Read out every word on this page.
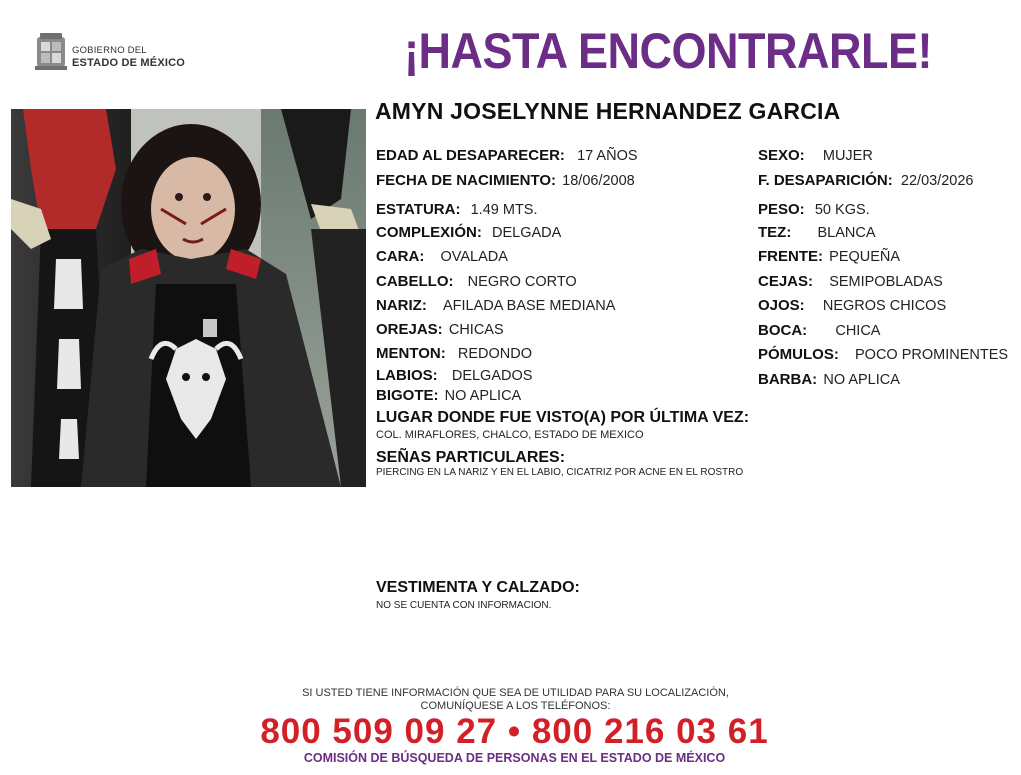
GOBIERNO DEL
ESTADO DE MÉXICO	¡HASTA ENCONTRARLE!
AMYN JOSELYNNE HERNANDEZ GARCIA
EDAD AL DESAPARECER: 17 AÑOS
FECHA DE NACIMIENTO: 18/06/2008
ESTATURA: 1.49 MTS.
COMPLEXIÓN: DELGADA
CARA: OVALADA
CABELLO: NEGRO CORTO
NARIZ: AFILADA BASE MEDIANA
OREJAS: CHICAS
MENTON: REDONDO
LABIOS: DELGADOS
BIGOTE: NO APLICA
SEXO: MUJER
F. DESAPARICIÓN: 22/03/2026
PESO: 50 KGS.
TEZ: BLANCA
FRENTE: PEQUEÑA
CEJAS: SEMIPOBLADAS
OJOS: NEGROS CHICOS
BOCA: CHICA
PÓMULOS: POCO PROMINENTES
BARBA: NO APLICA
LUGAR DONDE FUE VISTO(A) POR ÚLTIMA VEZ:
COL. MIRAFLORES, CHALCO, ESTADO DE MEXICO
SEÑAS PARTICULARES:
PIERCING EN LA NARIZ Y EN EL LABIO, CICATRIZ POR ACNE EN EL ROSTRO
VESTIMENTA Y CALZADO:
NO SE CUENTA CON INFORMACION.
SI USTED TIENE INFORMACIÓN QUE SEA DE UTILIDAD PARA SU LOCALIZACIÓN,
COMUNÍQUESE A LOS TELÉFONOS:
800 509 09 27 • 800 216 03 61
COMISIÓN DE BÚSQUEDA DE PERSONAS EN EL ESTADO DE MÉXICO
